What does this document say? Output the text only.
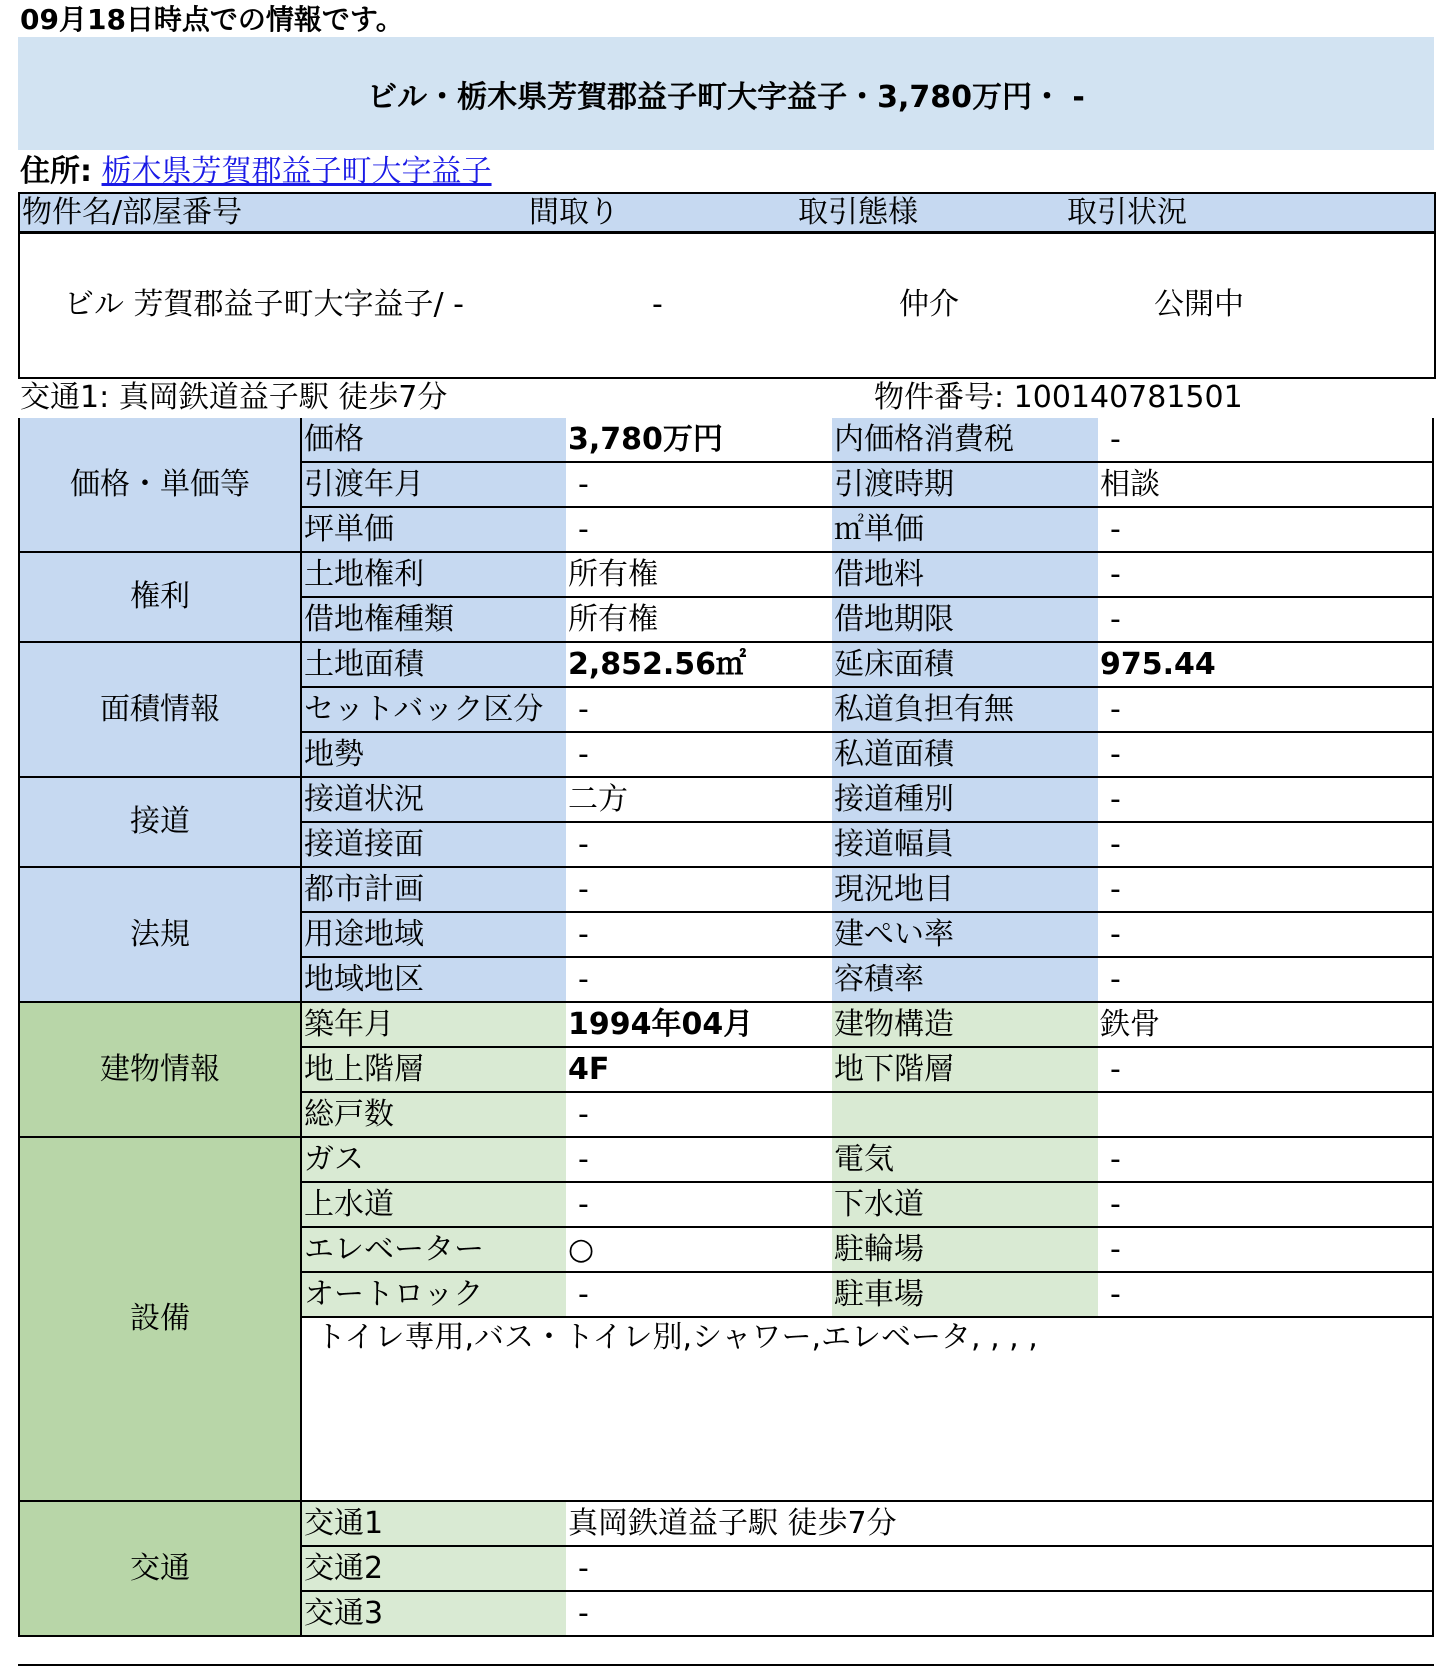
09月18日時点での情報です。
ビル・栃木県芳賀郡益子町大字益子・3,780万円・ -
住所: 栃木県芳賀郡益子町大字益子
物件名/部屋番号	間取り	取引態様	取引状況
ビル 芳賀郡益子町大字益子/ -	-	仲介	公開中
交通1: 真岡鉄道益子駅 徒歩7分	物件番号: 100140781501
価格・単価等	価格	3,780万円	内価格消費税	-
	引渡年月	-	引渡時期	相談
	坪単価	-	㎡単価	-
権利	土地権利	所有権	借地料	-
	借地権種類	所有権	借地期限	-
面積情報	土地面積	2,852.56㎡	延床面積	975.44
	セットバック区分	-	私道負担有無	-
	地勢	-	私道面積	-
接道	接道状況	二方	接道種別	-
	接道接面	-	接道幅員	-
法規	都市計画	-	現況地目	-
	用途地域	-	建ぺい率	-
	地域地区	-	容積率	-
建物情報	築年月	1994年04月	建物構造	鉄骨
	地上階層	4F	地下階層	-
	総戸数	-		
設備	ガス	-	電気	-
	上水道	-	下水道	-
	エレベーター	○	駐輪場	-
	オートロック	-	駐車場	-
	トイレ専用,バス・トイレ別,シャワー,エレベータ, , , ,			
交通	交通1	真岡鉄道益子駅 徒歩7分		
	交通2	-		
	交通3	-		
